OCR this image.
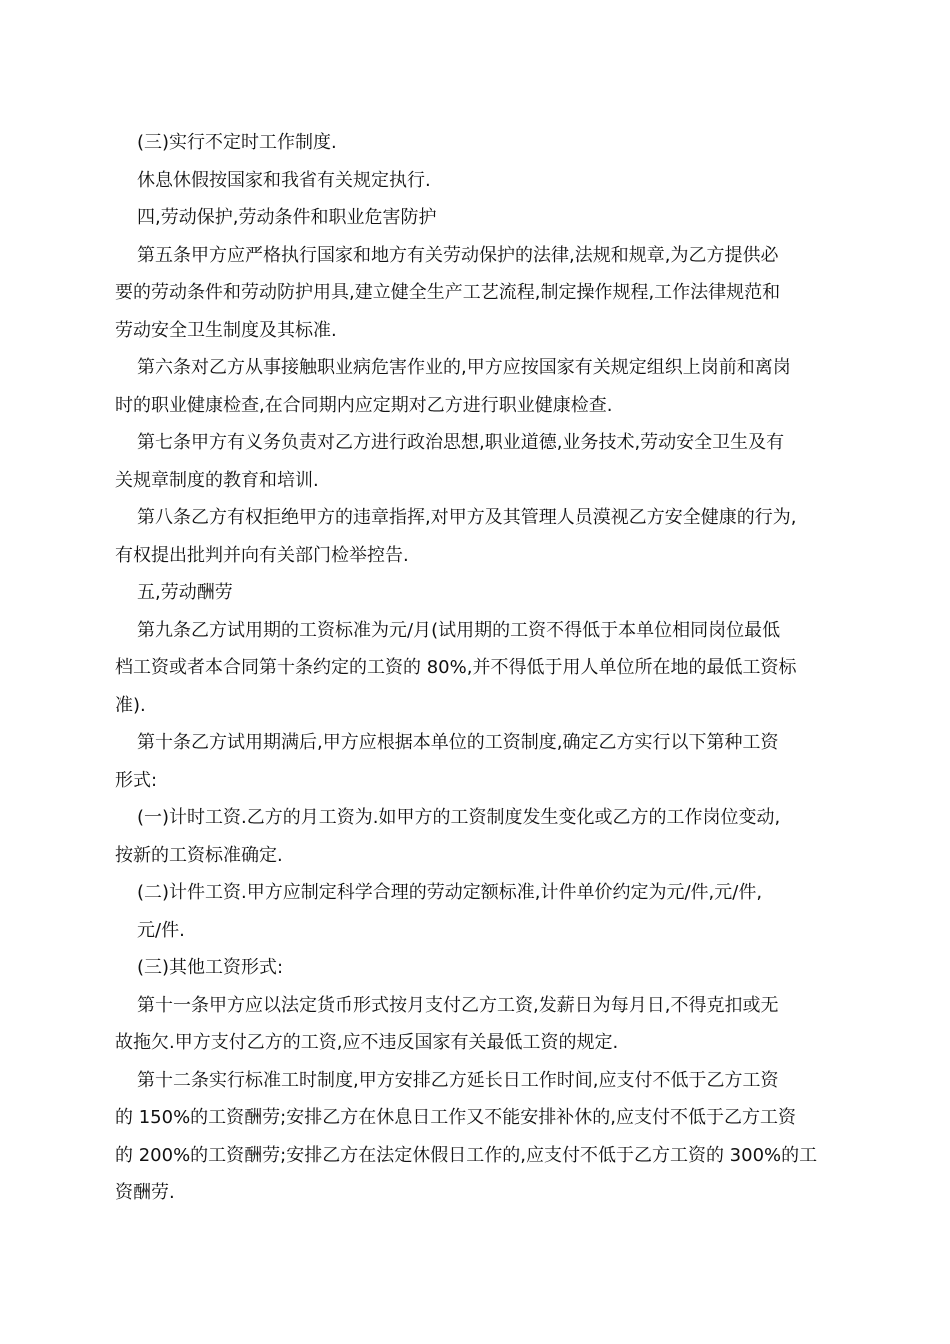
(三)实行不定时工作制度.

休息休假按国家和我省有关规定执行.

四,劳动保护,劳动条件和职业危害防护

第五条甲方应严格执行国家和地方有关劳动保护的法律,法规和规章,为乙方提供必

要的劳动条件和劳动防护用具,建立健全生产工艺流程,制定操作规程,工作法律规范和

劳动安全卫生制度及其标准.

第六条对乙方从事接触职业病危害作业的,甲方应按国家有关规定组织上岗前和离岗

时的职业健康检查,在合同期内应定期对乙方进行职业健康检查.

第七条甲方有义务负责对乙方进行政治思想,职业道德,业务技术,劳动安全卫生及有

关规章制度的教育和培训.

第八条乙方有权拒绝甲方的违章指挥,对甲方及其管理人员漠视乙方安全健康的行为,

有权提出批判并向有关部门检举控告.

五,劳动酬劳

第九条乙方试用期的工资标准为元/月(试用期的工资不得低于本单位相同岗位最低

档工资或者本合同第十条约定的工资的 80%,并不得低于用人单位所在地的最低工资标

准).

第十条乙方试用期满后,甲方应根据本单位的工资制度,确定乙方实行以下第种工资

形式:

(一)计时工资.乙方的月工资为.如甲方的工资制度发生变化或乙方的工作岗位变动,

按新的工资标准确定.

(二)计件工资.甲方应制定科学合理的劳动定额标准,计件单价约定为元/件,元/件,

元/件.

(三)其他工资形式:

第十一条甲方应以法定货币形式按月支付乙方工资,发薪日为每月日,不得克扣或无

故拖欠.甲方支付乙方的工资,应不违反国家有关最低工资的规定.

第十二条实行标准工时制度,甲方安排乙方延长日工作时间,应支付不低于乙方工资

的 150%的工资酬劳;安排乙方在休息日工作又不能安排补休的,应支付不低于乙方工资

的 200%的工资酬劳;安排乙方在法定休假日工作的,应支付不低于乙方工资的 300%的工

资酬劳.
